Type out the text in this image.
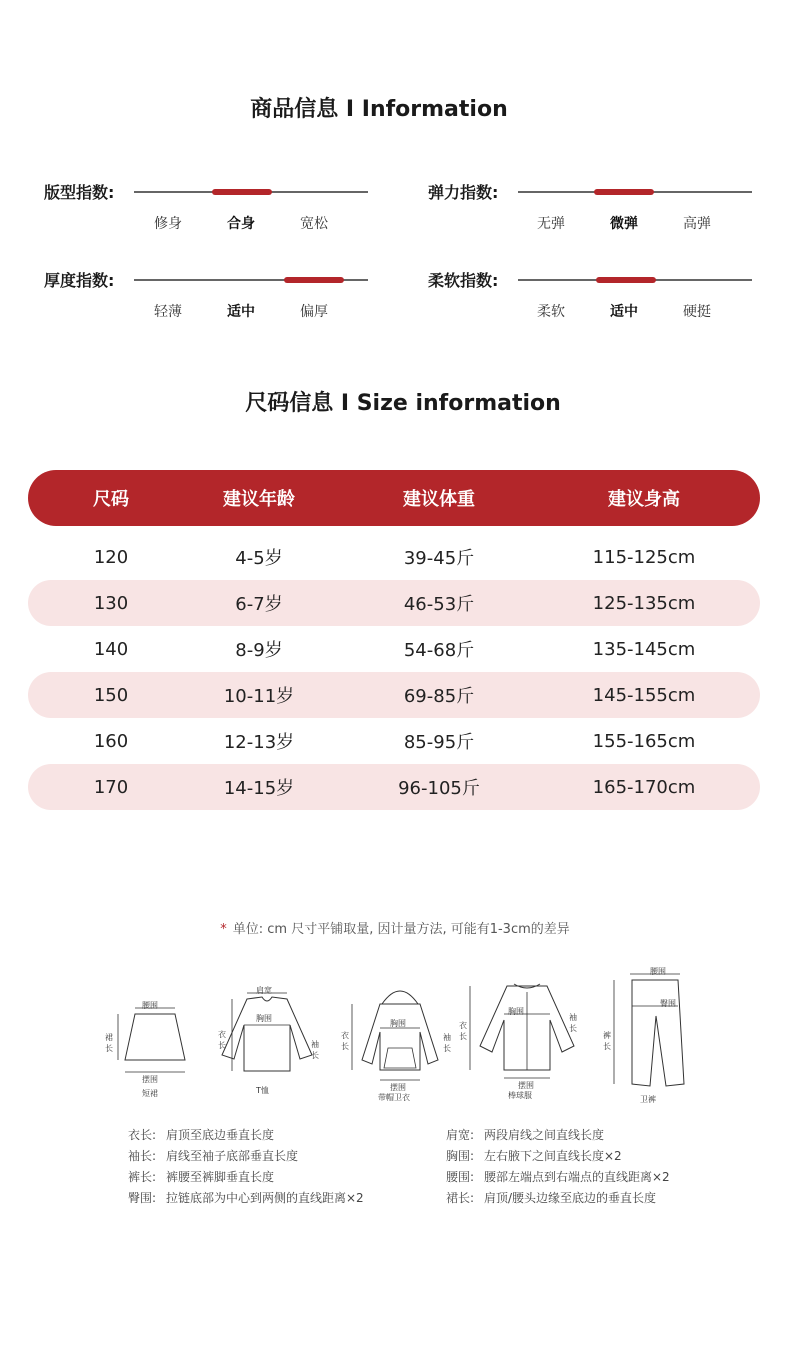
商品信息 I Information
版型指数:
修身	合身	宽松
弹力指数:
无弹	微弹	高弹
厚度指数:
轻薄	适中	偏厚
柔软指数:
柔软	适中	硬挺
尺码信息 I Size information
尺码	建议年龄	建议体重	建议身高
120	4-5岁	39-45斤	115-125cm
130	6-7岁	46-53斤	125-135cm
140	8-9岁	54-68斤	135-145cm
150	10-11岁	69-85斤	145-155cm
160	12-13岁	85-95斤	155-165cm
170	14-15岁	96-105斤	165-170cm
* 单位: cm 尺寸平铺取量, 因计量方法, 可能有1-3cm的差异
腰围
裙长
摆围
短裙
肩宽
胸围
衣长	袖长
T恤
胸围
衣长
袖长
摆围
带帽卫衣
胸围
衣长
袖长
摆围
棒球服
腰围
臀围
裤长
卫裤
衣长: 肩顶至底边垂直长度
袖长: 肩线至袖子底部垂直长度
裤长: 裤腰至裤脚垂直长度
臀围: 拉链底部为中心到两侧的直线距离×2
肩宽: 两段肩线之间直线长度
胸围: 左右腋下之间直线长度×2
腰围: 腰部左端点到右端点的直线距离×2
裙长: 肩顶/腰头边缘至底边的垂直长度
